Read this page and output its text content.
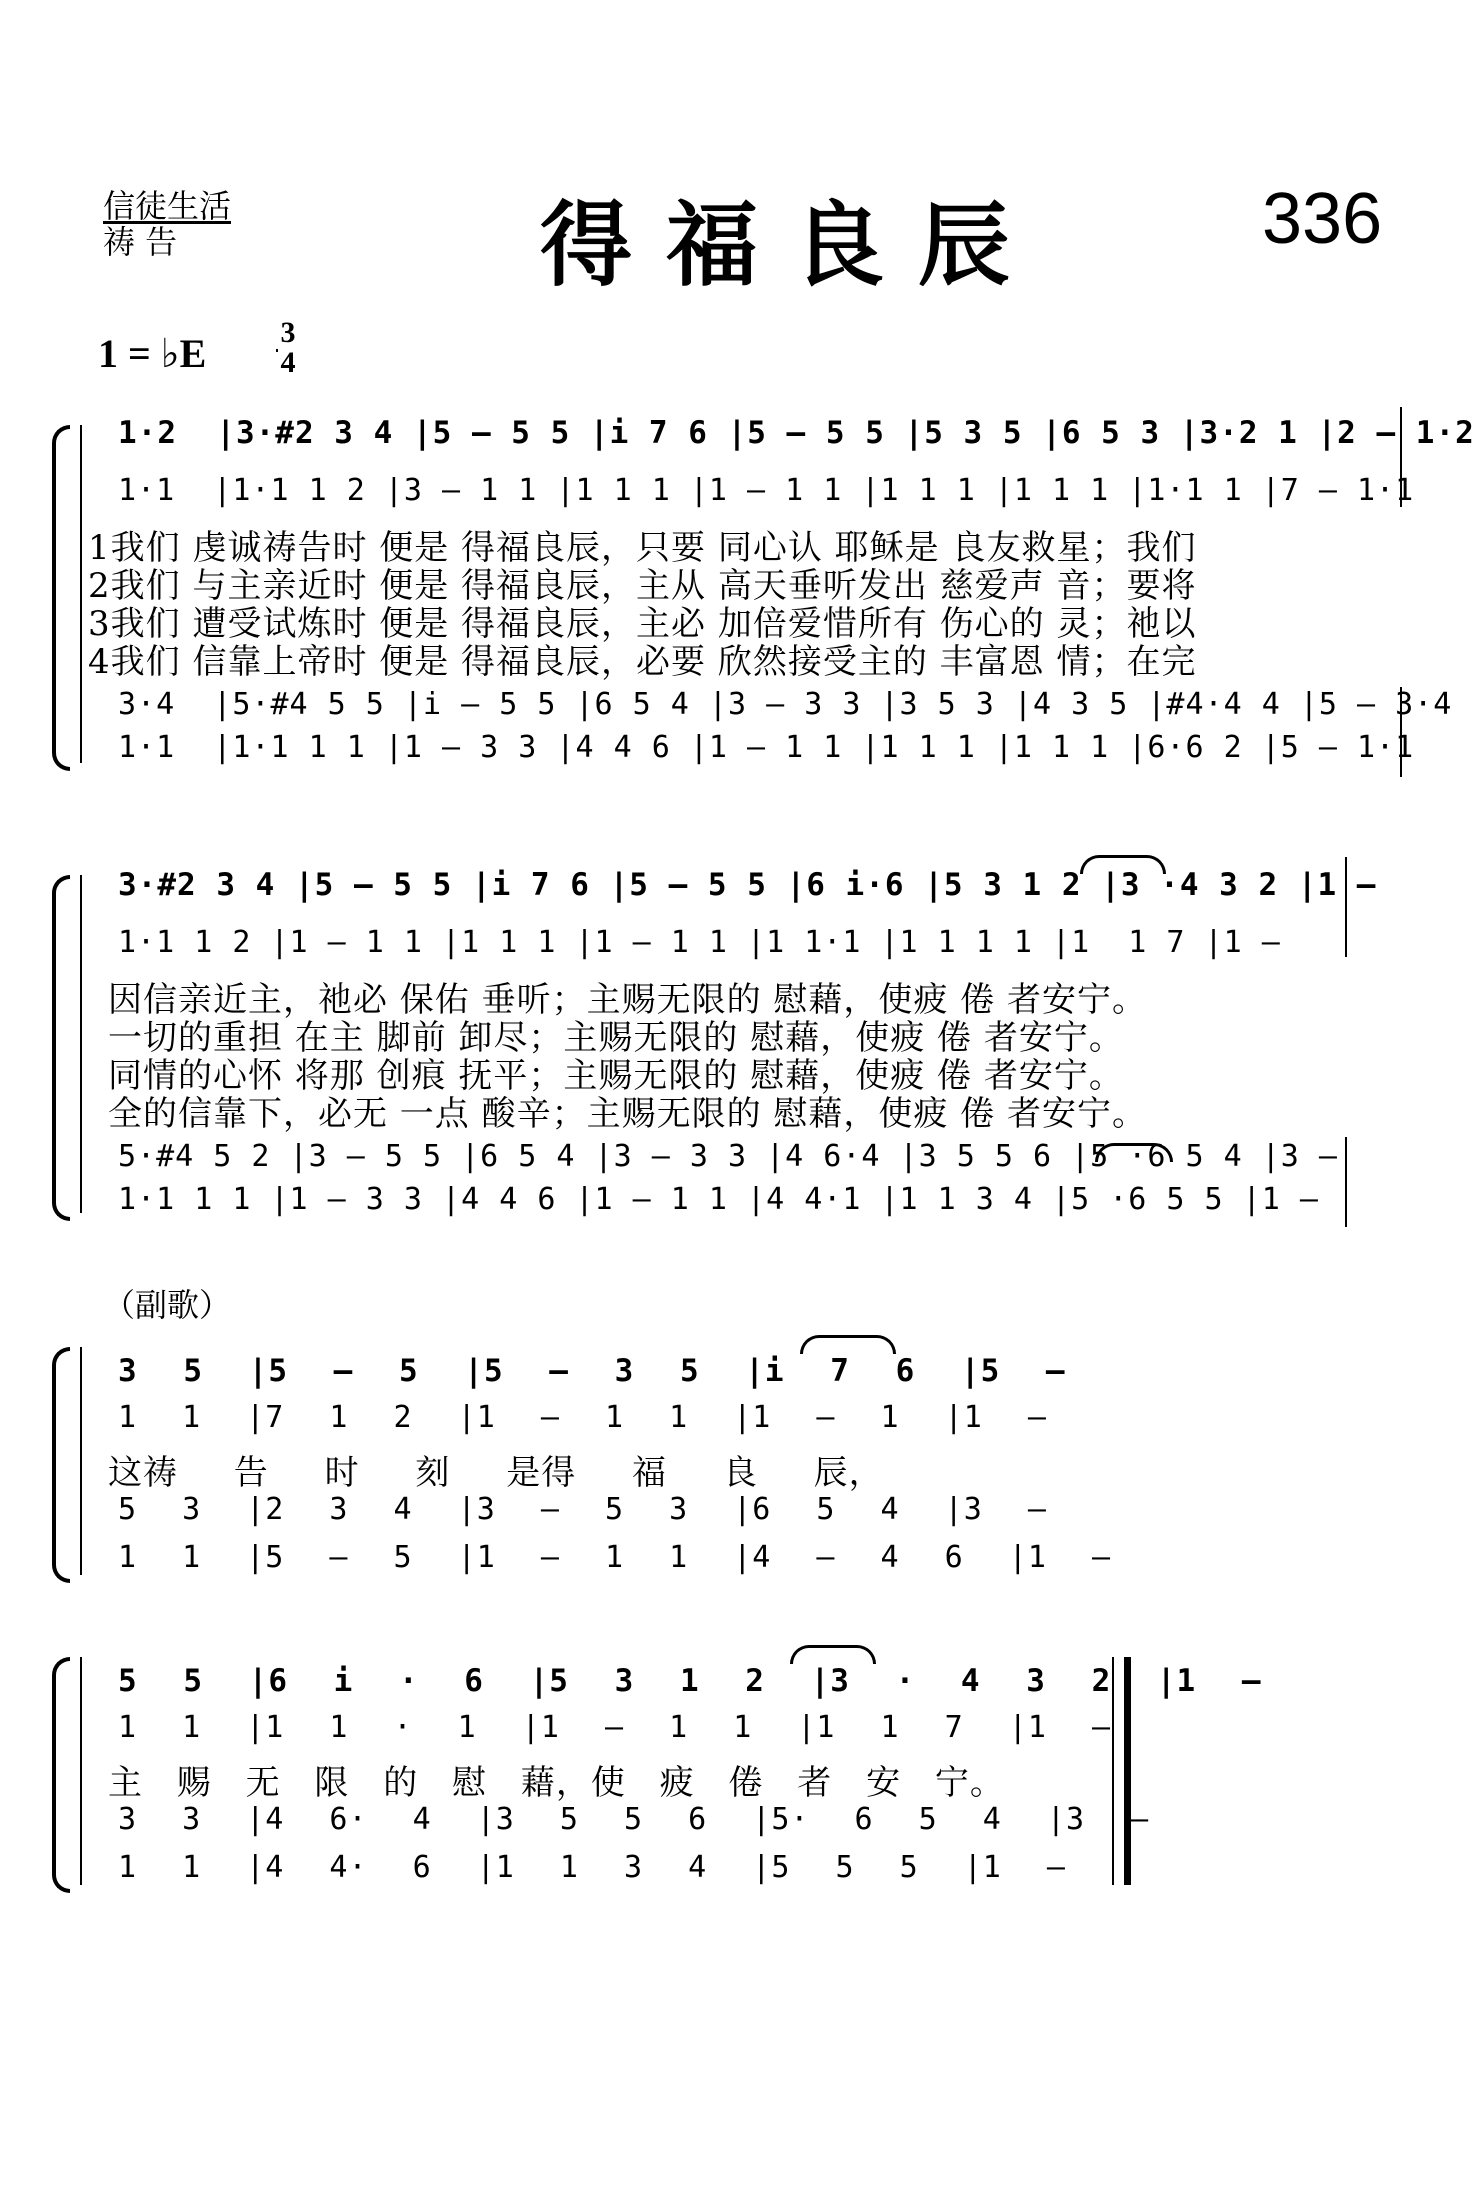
信徒生活
祷 告	得福良辰	336
1 = ♭E 3
4
1·2  |3·#2 3 4 |5 — 5 5 |i 7 6 |5 — 5 5 |5 3 5 |6 5 3 |3·2 1 |2 — 1·2
1·1  |1·1 1 2 |3 — 1 1 |1 1 1 |1 — 1 1 |1 1 1 |1 1 1 |1·1 1 |7 — 1·1
1我们 虔诚祷告时 便是 得福良辰，只要 同心认 耶稣是 良友救星；我们
2我们 与主亲近时 便是 得福良辰，主从 高天垂听发出 慈爱声 音；要将
3我们 遭受试炼时 便是 得福良辰，主必 加倍爱惜所有 伤心的 灵；祂以
4我们 信靠上帝时 便是 得福良辰，必要 欣然接受主的 丰富恩 情；在完
3·4  |5·#4 5 5 |i — 5 5 |6 5 4 |3 — 3 3 |3 5 3 |4 3 5 |#4·4 4 |5 — 3·4
1·1  |1·1 1 1 |1 — 3 3 |4 4 6 |1 — 1 1 |1 1 1 |1 1 1 |6·6 2 |5 — 1·1
3·#2 3 4 |5 — 5 5 |i 7 6 |5 — 5 5 |6 i·6 |5 3 1 2 |3 ·4 3 2 |1 —
1·1 1 2 |1 — 1 1 |1 1 1 |1 — 1 1 |1 1·1 |1 1 1 1 |1  1 7 |1 —
因信亲近主，祂必 保佑 垂听；主赐无限的 慰藉，使疲 倦 者安宁。
一切的重担 在主 脚前 卸尽；主赐无限的 慰藉，使疲 倦 者安宁。
同情的心怀 将那 创痕 抚平；主赐无限的 慰藉，使疲 倦 者安宁。
全的信靠下，必无 一点 酸辛；主赐无限的 慰藉，使疲 倦 者安宁。
5·#4 5 2 |3 — 5 5 |6 5 4 |3 — 3 3 |4 6·4 |3 5 5 6 |5 ·6 5 4 |3 —
1·1 1 1 |1 — 3 3 |4 4 6 |1 — 1 1 |4 4·1 |1 1 3 4 |5 ·6 5 5 |1 —
（副歌）
3 5 |5 — 5 |5 — 3 5 |i 7 6 |5 —
1 1 |7 1 2 |1 — 1 1 |1 — 1 |1 —
这祷 告 时 刻 是得 福 良 辰，
5 3 |2 3 4 |3 — 5 3 |6 5 4 |3 —
1 1 |5 — 5 |1 — 1 1 |4 — 4 6 |1 —
5 5 |6 i · 6 |5 3 1 2 |3 · 4 3 2 |1 —
1 1 |1 1 · 1 |1 — 1 1 |1 1 7 |1 —
主 赐 无 限 的 慰 藉，使 疲 倦 者 安 宁。
3 3 |4 6· 4 |3 5 5 6 |5· 6 5 4 |3 —
1 1 |4 4· 6 |1 1 3 4 |5 5 5 |1 —
